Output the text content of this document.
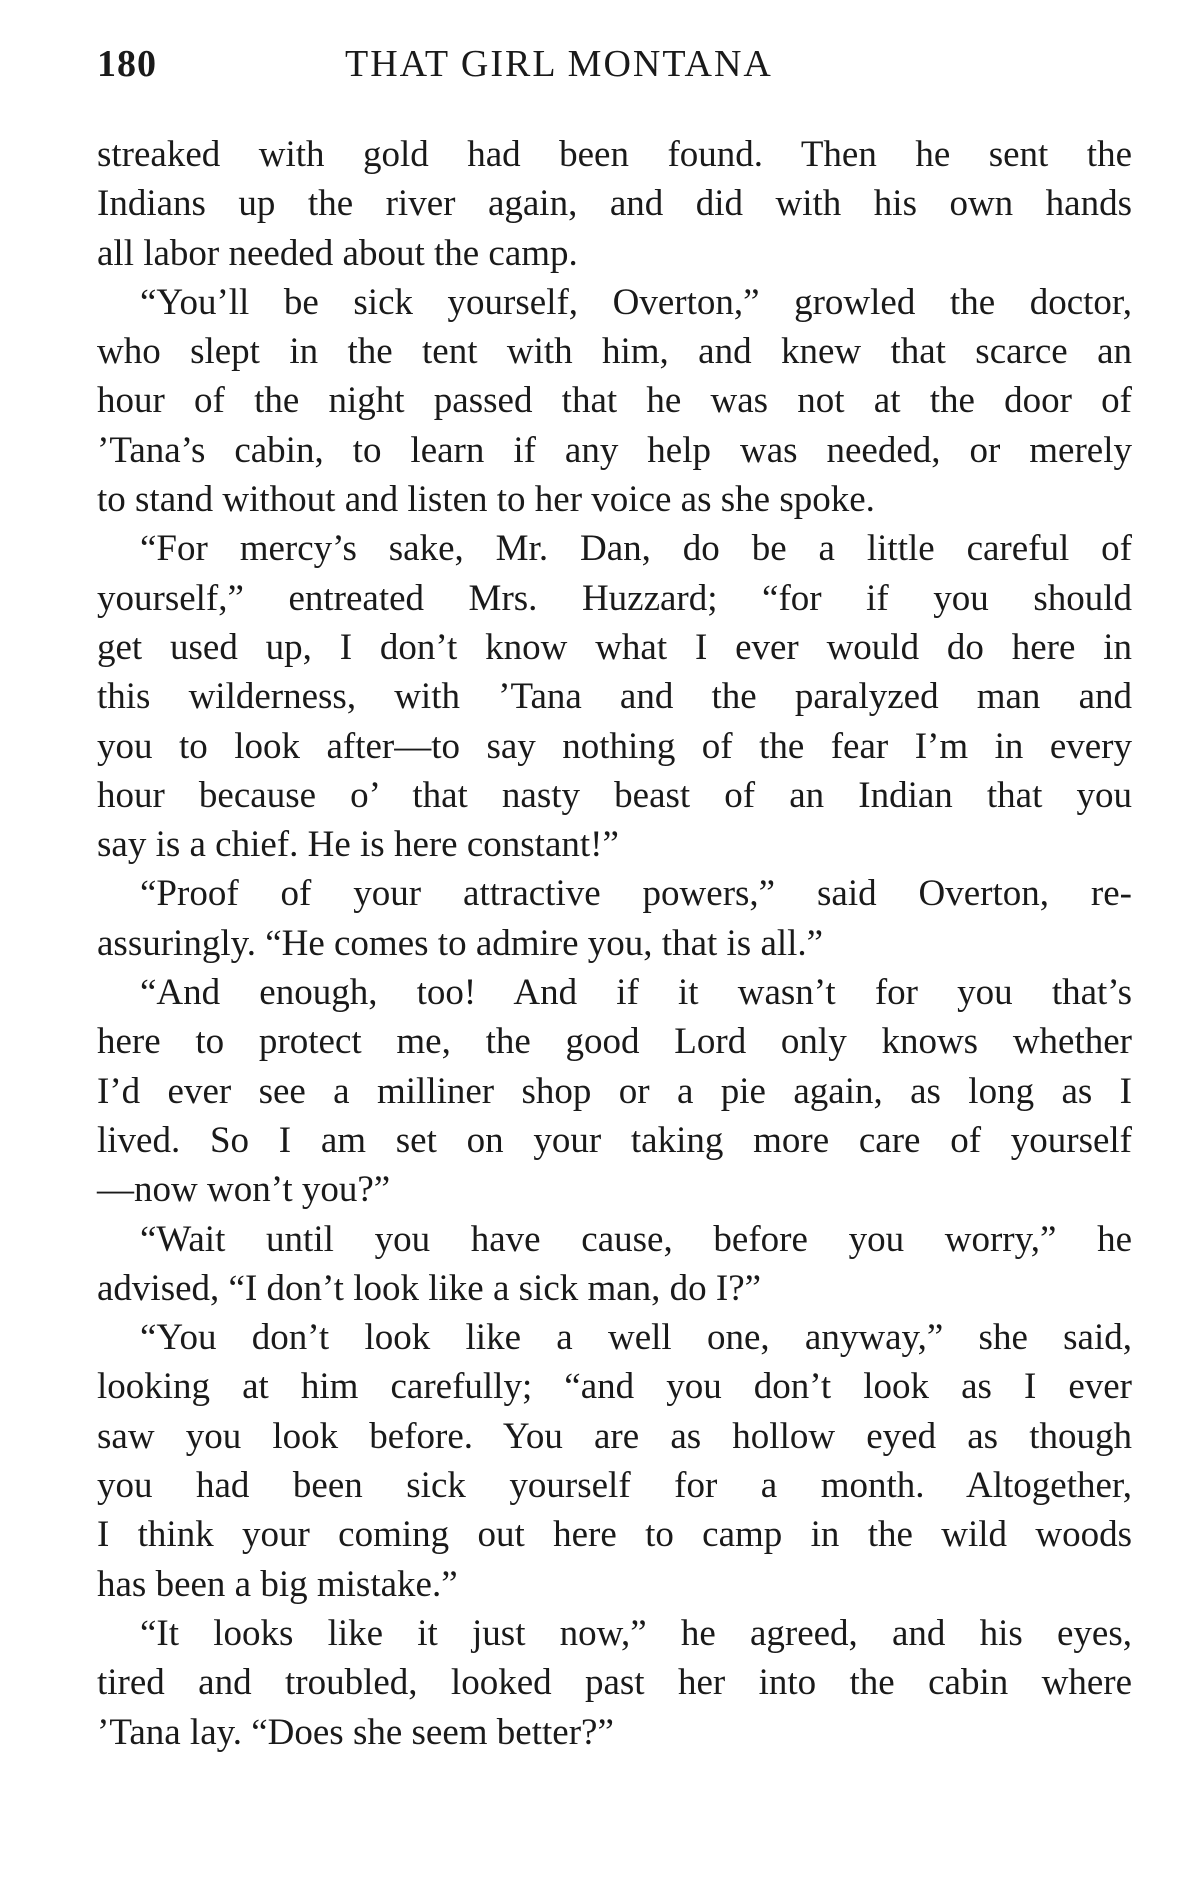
180	THAT GIRL MONTANA
streaked with gold had been found. Then he sent the
Indians up the river again, and did with his own hands
all labor needed about the camp.
“You’ll be sick yourself, Overton,” growled the doctor,
who slept in the tent with him, and knew that scarce an
hour of the night passed that he was not at the door of
’Tana’s cabin, to learn if any help was needed, or merely
to stand without and listen to her voice as she spoke.
“For mercy’s sake, Mr. Dan, do be a little careful of
yourself,” entreated Mrs. Huzzard; “for if you should
get used up, I don’t know what I ever would do here in
this wilderness, with ’Tana and the paralyzed man and
you to look after—to say nothing of the fear I’m in every
hour because o’ that nasty beast of an Indian that you
say is a chief. He is here constant!”
“Proof of your attractive powers,” said Overton, re-
assuringly. “He comes to admire you, that is all.”
“And enough, too! And if it wasn’t for you that’s
here to protect me, the good Lord only knows whether
I’d ever see a milliner shop or a pie again, as long as I
lived. So I am set on your taking more care of yourself
—now won’t you?”
“Wait until you have cause, before you worry,” he
advised, “I don’t look like a sick man, do I?”
“You don’t look like a well one, anyway,” she said,
looking at him carefully; “and you don’t look as I ever
saw you look before. You are as hollow eyed as though
you had been sick yourself for a month. Altogether,
I think your coming out here to camp in the wild woods
has been a big mistake.”
“It looks like it just now,” he agreed, and his eyes,
tired and troubled, looked past her into the cabin where
’Tana lay. “Does she seem better?”
